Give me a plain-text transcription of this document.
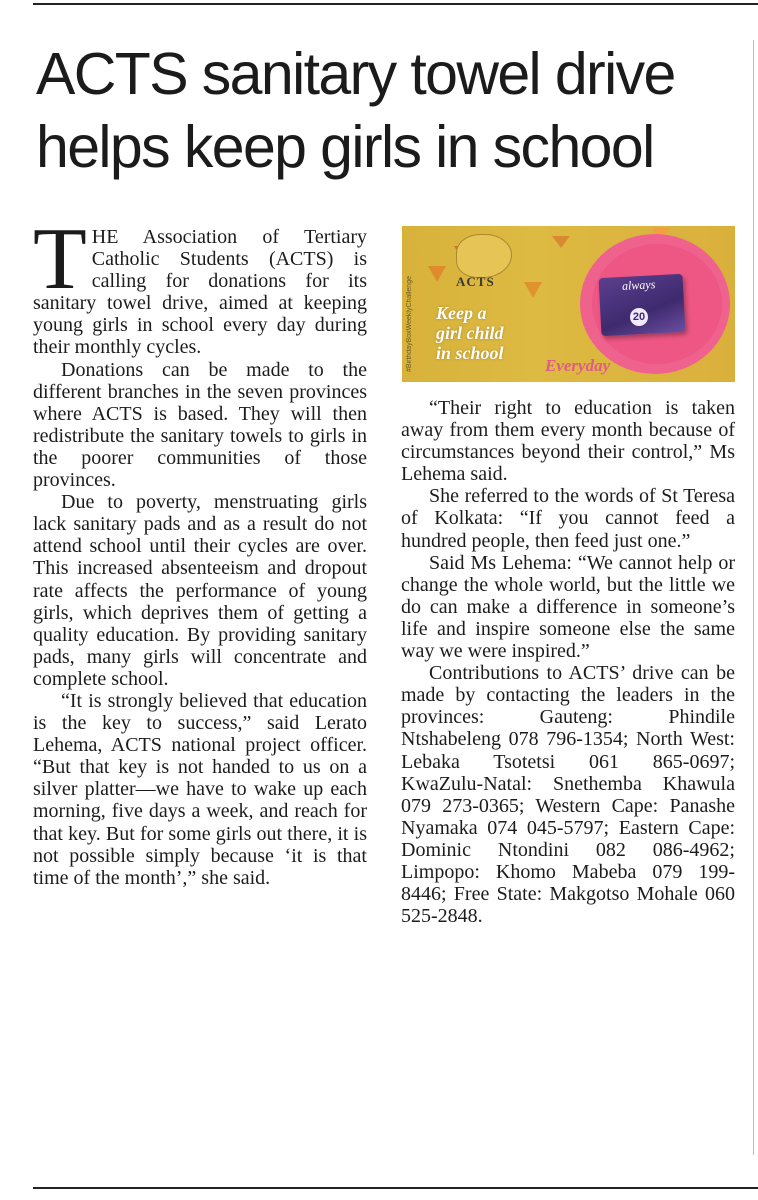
ACTS sanitary towel drive
helps keep girls in school

THE Association of Tertiary Catholic Students (ACTS) is calling for donations for its sanitary towel drive, aimed at keeping young girls in school every day during their monthly cycles.

Donations can be made to the different branches in the seven provinces where ACTS is based. They will then redistribute the sanitary towels to girls in the poorer communities of those provinces.

Due to poverty, menstruating girls lack sanitary pads and as a result do not attend school until their cycles are over. This increased absenteeism and dropout rate affects the performance of young girls, which deprives them of getting a quality education. By providing sanitary pads, many girls will concentrate and complete school.

“It is strongly believed that education is the key to success,” said Lerato Lehema, ACTS national project officer. “But that key is not handed to us on a silver platter—we have to wake up each morning, five days a week, and reach for that key. But for some girls out there, it is not possible simply because ‘it is that time of the month’,” she said.

#BirthdayBoxWeeklyChallenge	ACTS
Keep a
girl child
in school
always
20
Everyday

“Their right to education is taken away from them every month because of circumstances beyond their control,” Ms Lehema said.

She referred to the words of St Teresa of Kolkata: “If you cannot feed a hundred people, then feed just one.”

Said Ms Lehema: “We cannot help or change the whole world, but the little we do can make a difference in someone’s life and inspire someone else the same way we were inspired.”

Contributions to ACTS’ drive can be made by contacting the leaders in the provinces: Gauteng: Phindile Ntshabeleng 078 796-1354; North West: Lebaka Tsotetsi 061 865-0697; KwaZulu-Natal: Snethemba Khawula 079 273-0365; Western Cape: Panashe Nyamaka 074 045-5797; Eastern Cape: Dominic Ntondini 082 086-4962; Limpopo: Khomo Mabeba 079 199-8446; Free State: Makgotso Mohale 060 525-2848.
